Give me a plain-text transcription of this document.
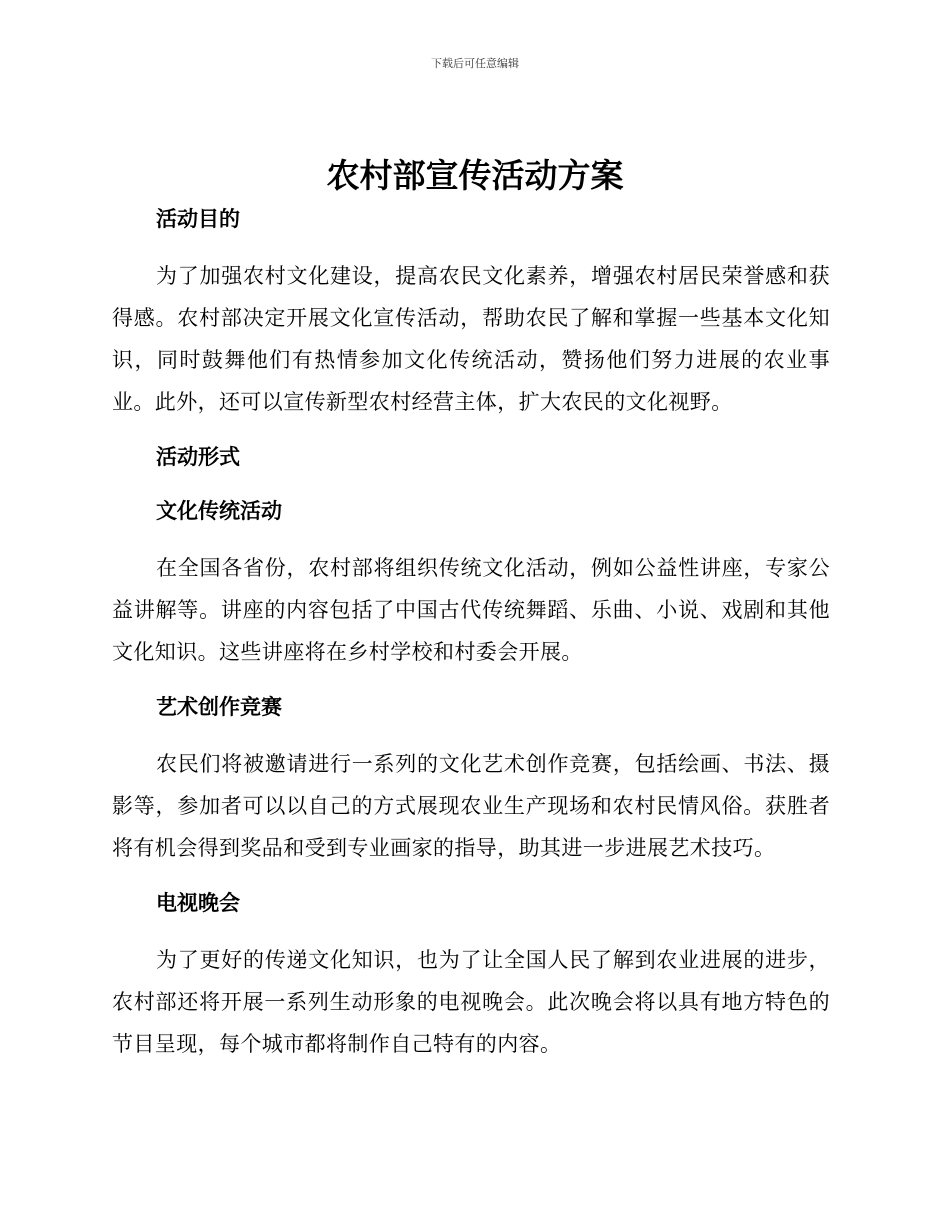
下载后可任意编辑
农村部宣传活动方案
活动目的

为了加强农村文化建设，提高农民文化素养，增强农村居民荣誉感和获得感。农村部决定开展文化宣传活动，帮助农民了解和掌握一些基本文化知识，同时鼓舞他们有热情参加文化传统活动，赞扬他们努力进展的农业事业。此外，还可以宣传新型农村经营主体，扩大农民的文化视野。

活动形式
文化传统活动

在全国各省份，农村部将组织传统文化活动，例如公益性讲座，专家公益讲解等。讲座的内容包括了中国古代传统舞蹈、乐曲、小说、戏剧和其他文化知识。这些讲座将在乡村学校和村委会开展。

艺术创作竞赛

农民们将被邀请进行一系列的文化艺术创作竞赛，包括绘画、书法、摄影等，参加者可以以自己的方式展现农业生产现场和农村民情风俗。获胜者将有机会得到奖品和受到专业画家的指导，助其进一步进展艺术技巧。

电视晚会

为了更好的传递文化知识，也为了让全国人民了解到农业进展的进步，农村部还将开展一系列生动形象的电视晚会。此次晚会将以具有地方特色的节目呈现，每个城市都将制作自己特有的内容。
